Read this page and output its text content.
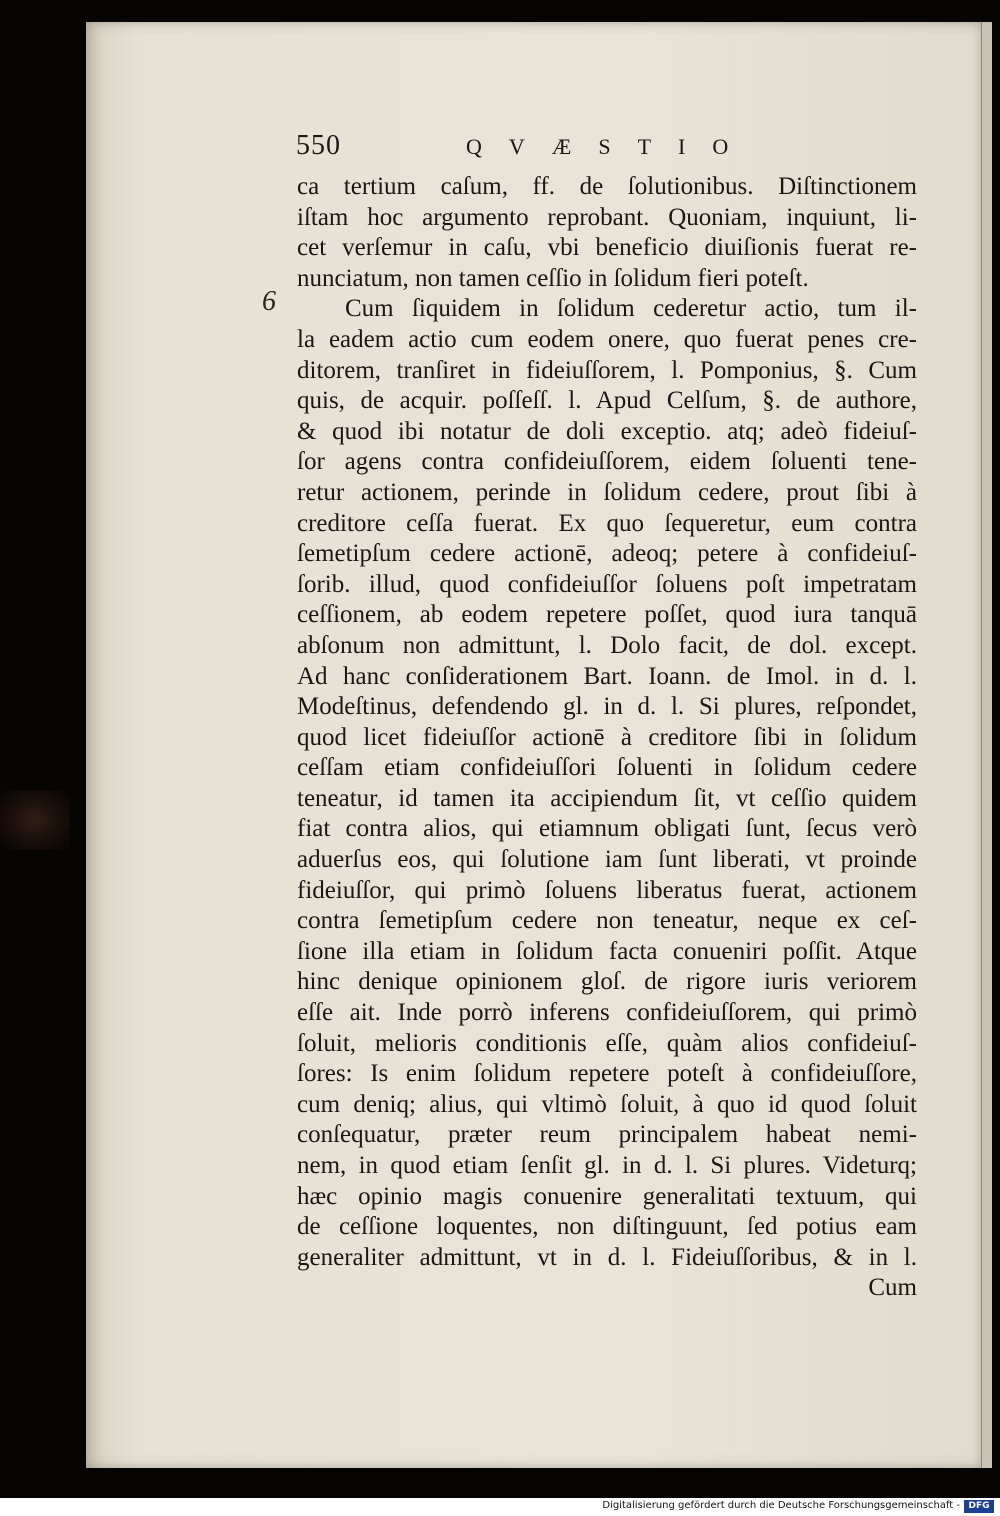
550	QVÆSTIO
6
ca tertium caſum, ff. de ſolutionibus. Diſtinctionem
iſtam hoc argumento reprobant. Quoniam, inquiunt, li-
cet verſemur in caſu, vbi beneficio diuiſionis fuerat re-
nunciatum, non tamen ceſſio in ſolidum fieri poteſt.
Cum ſiquidem in ſolidum cederetur actio, tum il-
la eadem actio cum eodem onere, quo fuerat penes cre-
ditorem, tranſiret in fideiuſſorem, l. Pomponius, §. Cum
quis, de acquir. poſſeſſ. l. Apud Celſum, §. de authore,
& quod ibi notatur de doli exceptio. atq; adeò fideiuſ-
ſor agens contra confideiuſſorem, eidem ſoluenti tene-
retur actionem, perinde in ſolidum cedere, prout ſibi à
creditore ceſſa fuerat. Ex quo ſequeretur, eum contra
ſemetipſum cedere actionē, adeoq; petere à confideiuſ-
ſorib. illud, quod confideiuſſor ſoluens poſt impetratam
ceſſionem, ab eodem repetere poſſet, quod iura tanquā
abſonum non admittunt, l. Dolo facit, de dol. except.
Ad hanc conſiderationem Bart. Ioann. de Imol. in d. l.
Modeſtinus, defendendo gl. in d. l. Si plures, reſpondet,
quod licet fideiuſſor actionē à creditore ſibi in ſolidum
ceſſam etiam confideiuſſori ſoluenti in ſolidum cedere
teneatur, id tamen ita accipiendum ſit, vt ceſſio quidem
fiat contra alios, qui etiamnum obligati ſunt, ſecus verò
aduerſus eos, qui ſolutione iam ſunt liberati, vt proinde
fideiuſſor, qui primò ſoluens liberatus fuerat, actionem
contra ſemetipſum cedere non teneatur, neque ex ceſ-
ſione illa etiam in ſolidum facta conueniri poſſit. Atque
hinc denique opinionem gloſ. de rigore iuris veriorem
eſſe ait. Inde porrò inferens confideiuſſorem, qui primò
ſoluit, melioris conditionis eſſe, quàm alios confideiuſ-
ſores: Is enim ſolidum repetere poteſt à confideiuſſore,
cum deniq; alius, qui vltimò ſoluit, à quo id quod ſoluit
conſequatur, præter reum principalem habeat nemi-
nem, in quod etiam ſenſit gl. in d. l. Si plures. Videturq;
hæc opinio magis conuenire generalitati textuum, qui
de ceſſione loquentes, non diſtinguunt, ſed potius eam
generaliter admittunt, vt in d. l. Fideiuſſoribus, & in l.
Cum
Digitalisierung gefördert durch die Deutsche Forschungsgemeinschaft - DFG
